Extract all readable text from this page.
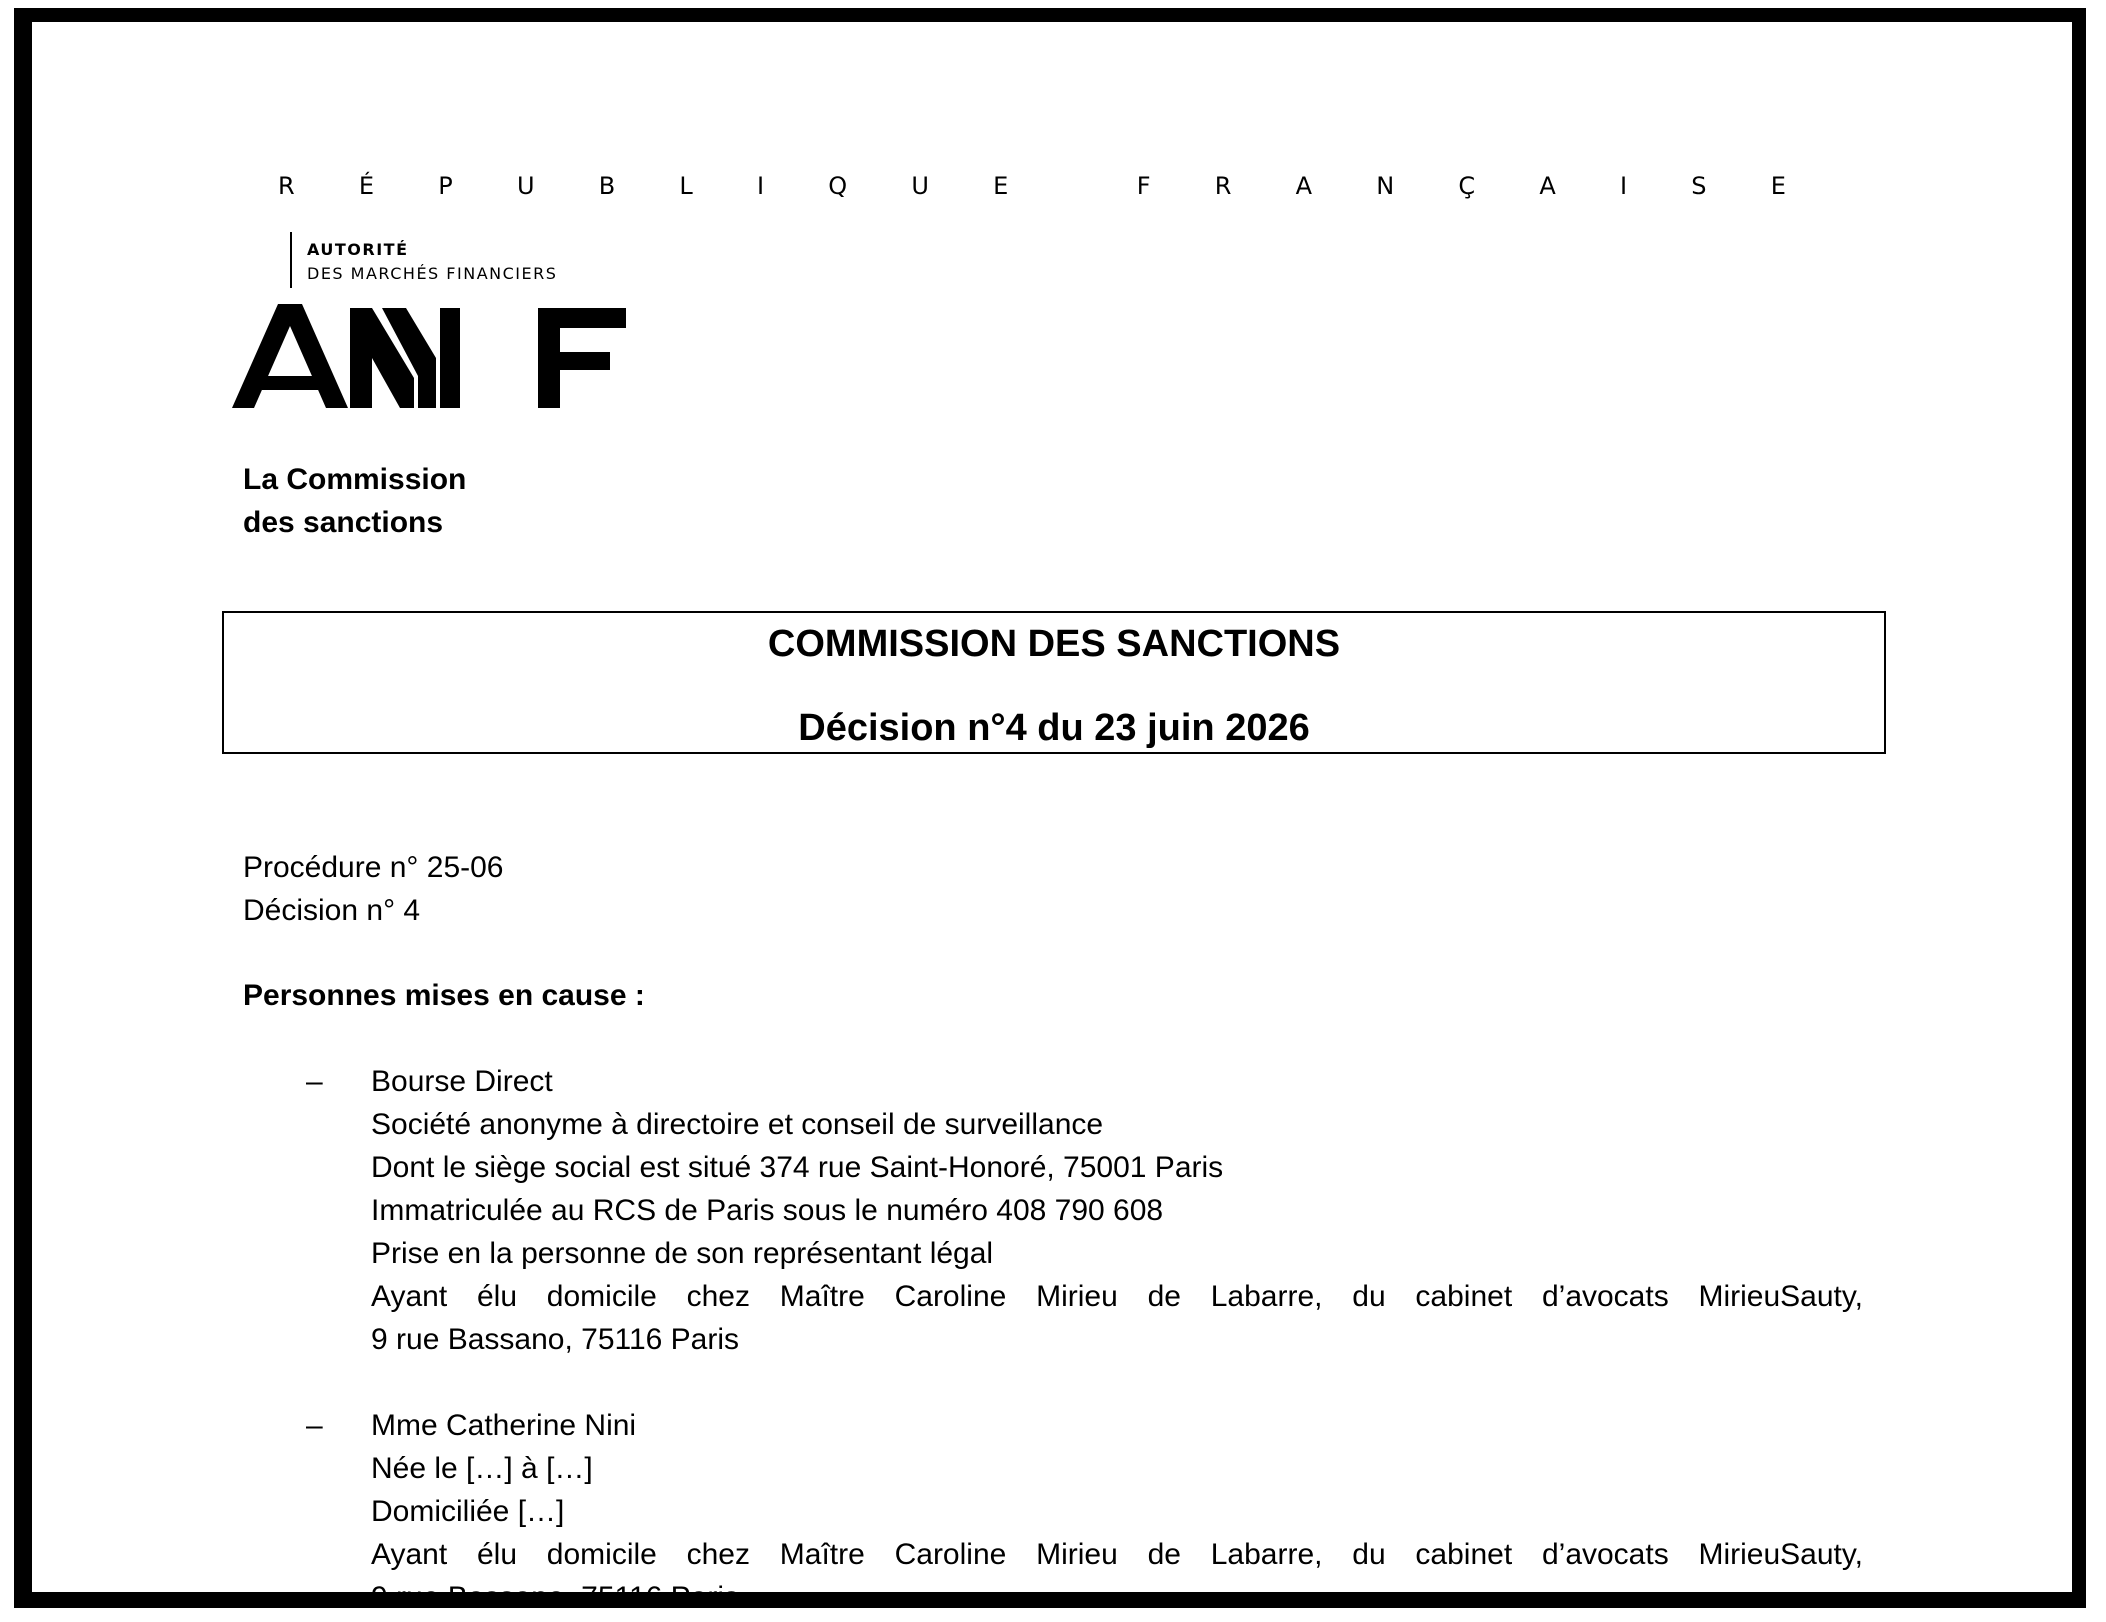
R	É	P	U	B	L	I	Q	U	E	F	R	A	N	Ç	A	I	S	E
AUTORITÉ
DES MARCHÉS FINANCIERS
La Commission
des sanctions
COMMISSION DES SANCTIONS
Décision n°4 du 23 juin 2026
Procédure n° 25-06
Décision n° 4
Personnes mises en cause :
– Bourse Direct
Société anonyme à directoire et conseil de surveillance
Dont le siège social est situé 374 rue Saint-Honoré, 75001 Paris
Immatriculée au RCS de Paris sous le numéro 408 790 608
Prise en la personne de son représentant légal
Ayant élu domicile chez Maître Caroline Mirieu de Labarre, du cabinet d’avocats MirieuSauty,
9 rue Bassano, 75116 Paris
– Mme Catherine Nini
Née le […] à […]
Domiciliée […]
Ayant élu domicile chez Maître Caroline Mirieu de Labarre, du cabinet d’avocats MirieuSauty,
